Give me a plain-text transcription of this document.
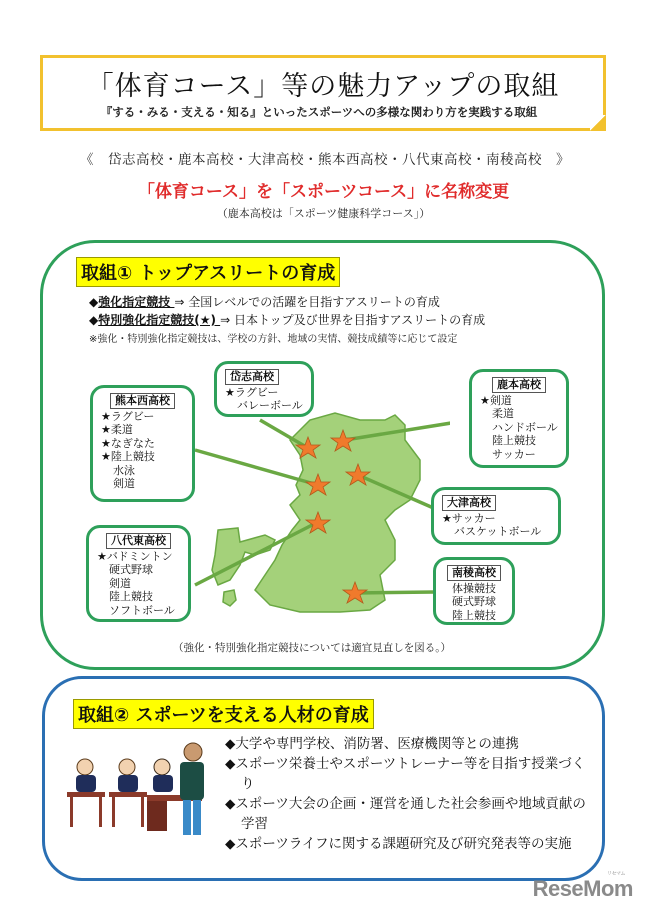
「体育コース」等の魅力アップの取組
『する・みる・支える・知る』といったスポーツへの多様な関わり方を実践する取組
《　岱志高校・鹿本高校・大津高校・熊本西高校・八代東高校・南稜高校　》
「体育コース」を「スポーツコース」に名称変更
（鹿本高校は「スポーツ健康科学コース」）
取組① トップアスリートの育成
◆強化指定競技 ⇒ 全国レベルでの活躍を目指すアスリートの育成
◆特別強化指定競技(★) ⇒ 日本トップ及び世界を目指すアスリートの育成
※強化・特別強化指定競技は、学校の方針、地域の実情、競技成績等に応じて設定
（強化・特別強化指定競技については適宜見直しを図る。）
岱志高校
★ラグビー
バレーボール
熊本西高校
★ラグビー
★柔道
★なぎなた
★陸上競技
水泳
剣道
鹿本高校
★剣道
柔道
ハンドボール
陸上競技
サッカー
大津高校
★サッカー
バスケットボール
八代東高校
★バドミントン
硬式野球
剣道
陸上競技
ソフトボール
南稜高校
体操競技
硬式野球
陸上競技
取組② スポーツを支える人材の育成
◆大学や専門学校、消防署、医療機関等との連携
◆スポーツ栄養士やスポーツトレーナー等を目指す授業づくり
◆スポーツ大会の企画・運営を通した社会参画や地域貢献の学習
◆スポーツライフに関する課題研究及び研究発表等の実施
リセマム
ReseMom
